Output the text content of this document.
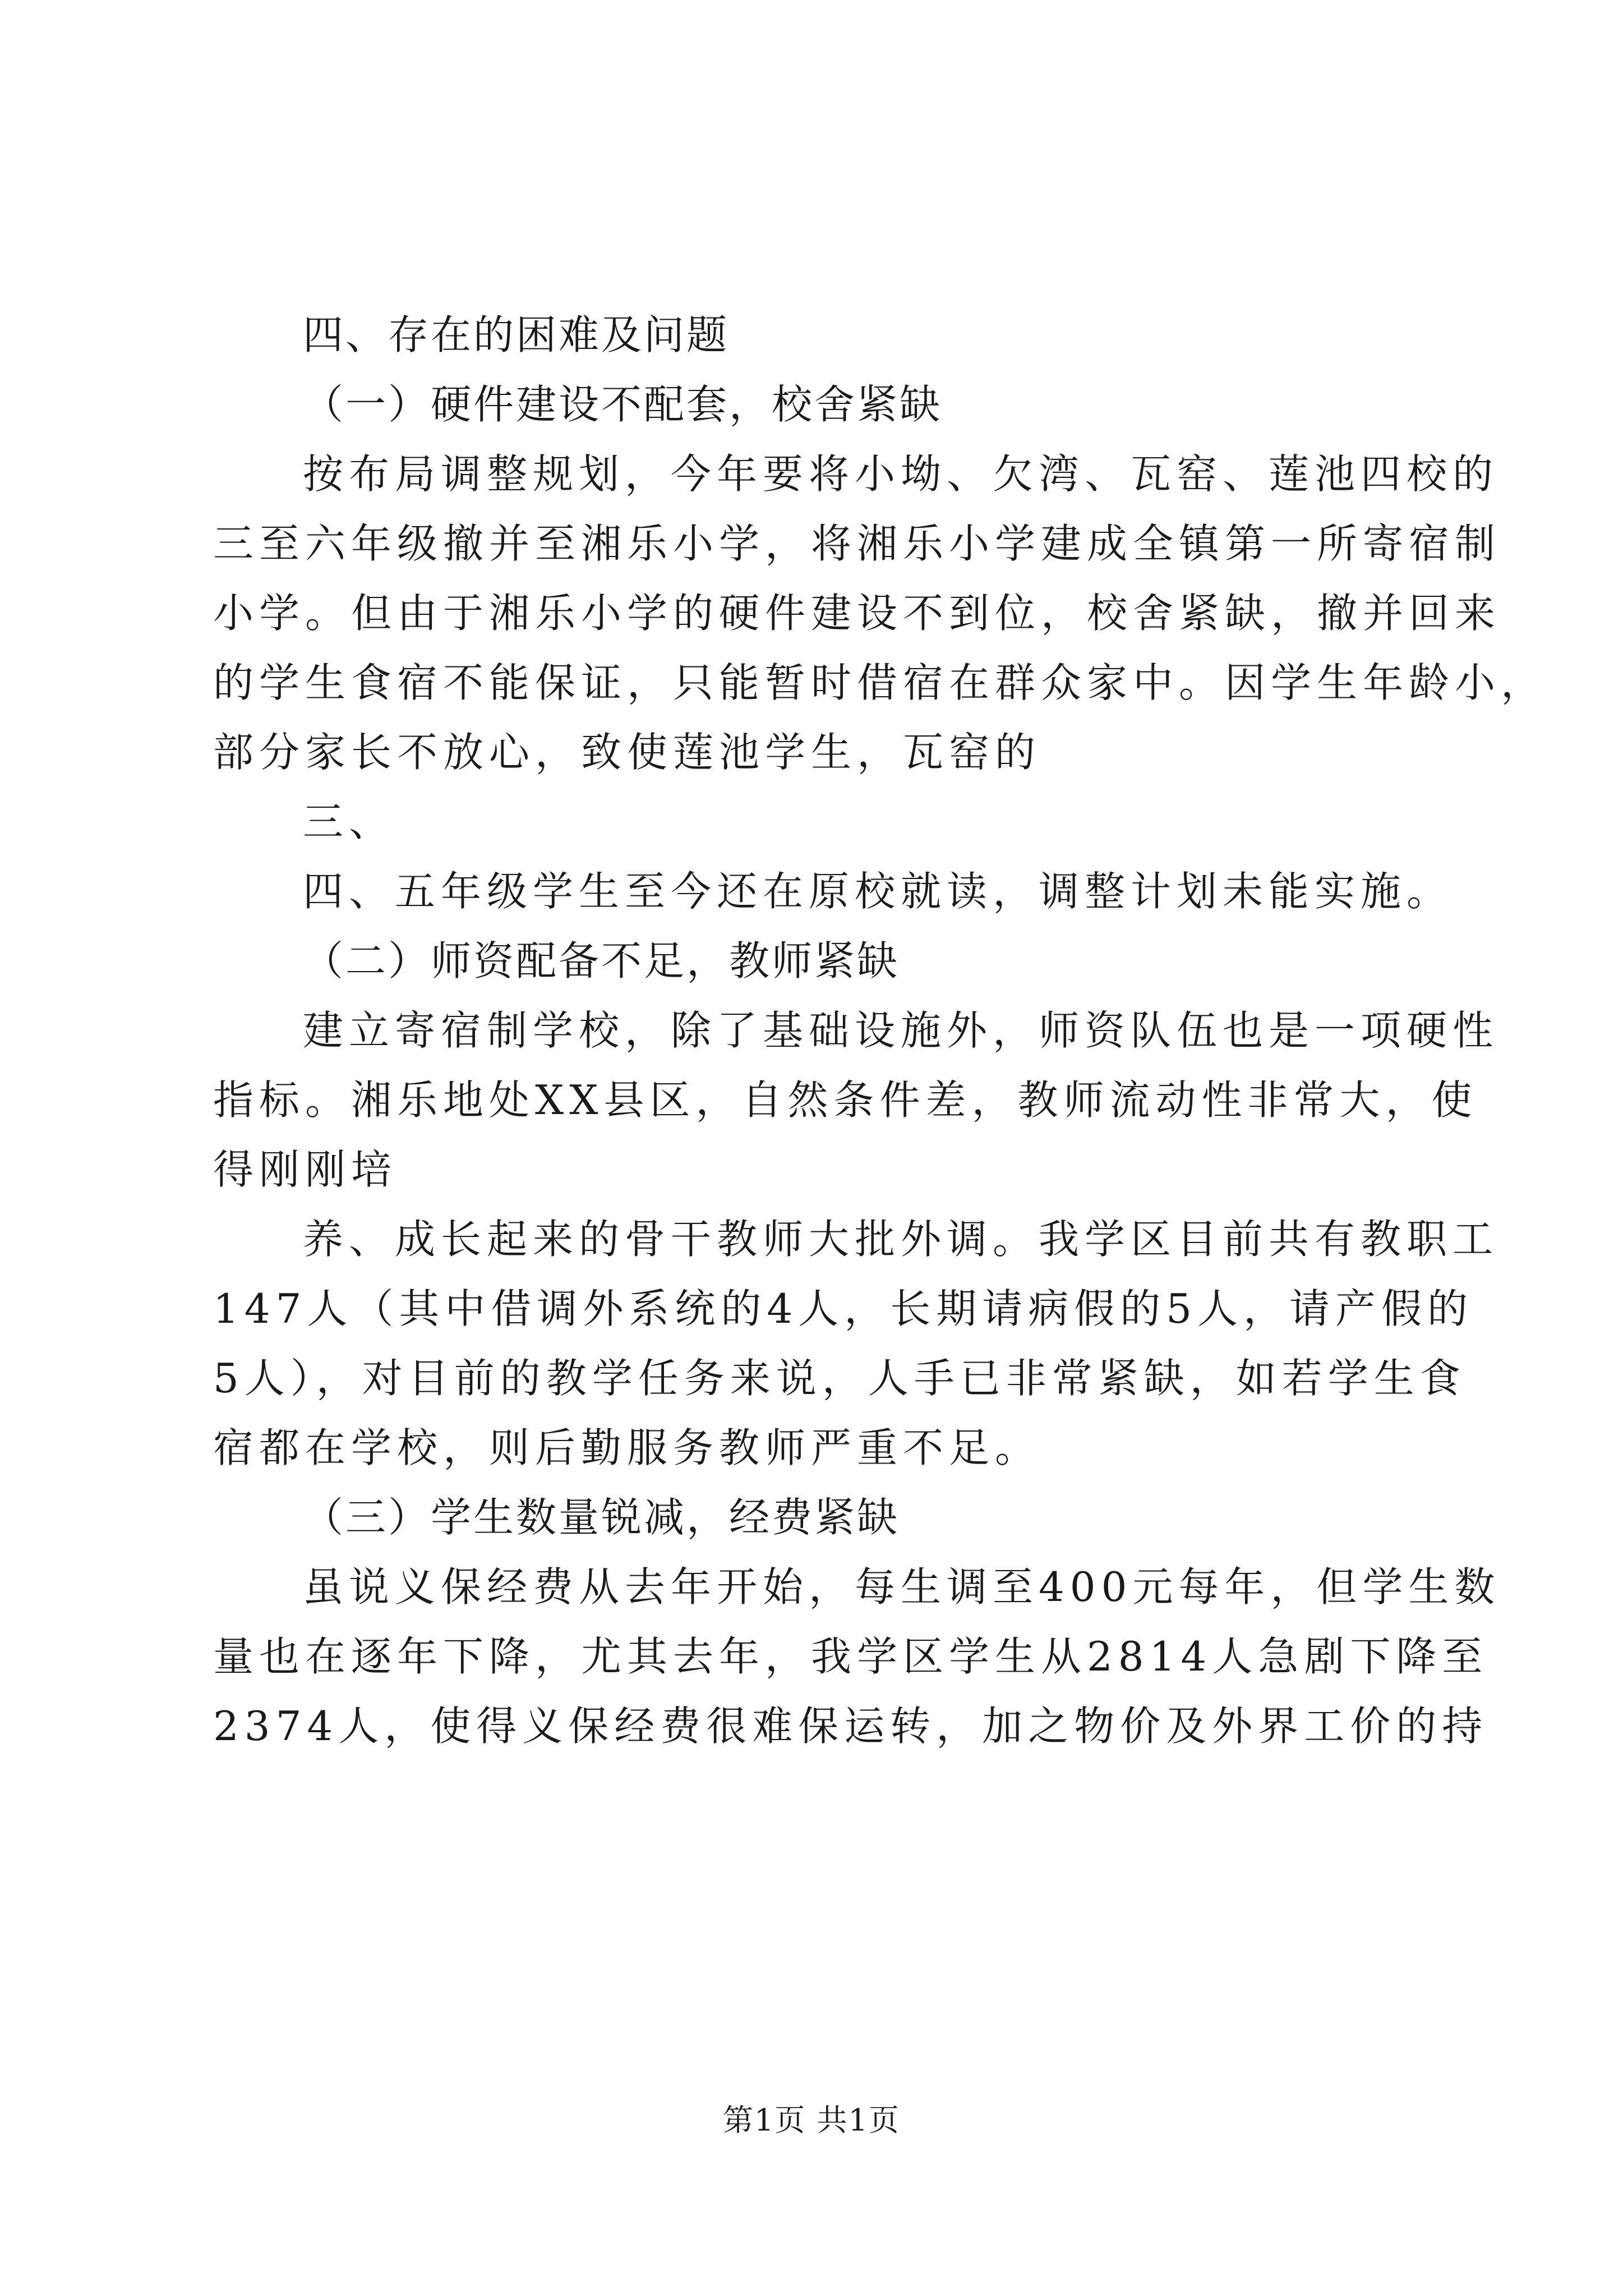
四、存在的困难及问题
（一）硬件建设不配套，校舍紧缺
按布局调整规划，今年要将小坳、欠湾、瓦窑、莲池四校的
三至六年级撤并至湘乐小学，将湘乐小学建成全镇第一所寄宿制
小学。但由于湘乐小学的硬件建设不到位，校舍紧缺，撤并回来
的学生食宿不能保证，只能暂时借宿在群众家中。因学生年龄小，
部分家长不放心，致使莲池学生，瓦窑的
三、
四、五年级学生至今还在原校就读，调整计划未能实施。
（二）师资配备不足，教师紧缺
建立寄宿制学校，除了基础设施外，师资队伍也是一项硬性
指标。湘乐地处XX县区，自然条件差，教师流动性非常大，使
得刚刚培
养、成长起来的骨干教师大批外调。我学区目前共有教职工
147人（其中借调外系统的4人，长期请病假的5人，请产假的
5人），对目前的教学任务来说，人手已非常紧缺，如若学生食
宿都在学校，则后勤服务教师严重不足。
（三）学生数量锐减，经费紧缺
虽说义保经费从去年开始，每生调至400元每年，但学生数
量也在逐年下降，尤其去年，我学区学生从2814人急剧下降至
2374人，使得义保经费很难保运转，加之物价及外界工价的持
第1页 共1页
